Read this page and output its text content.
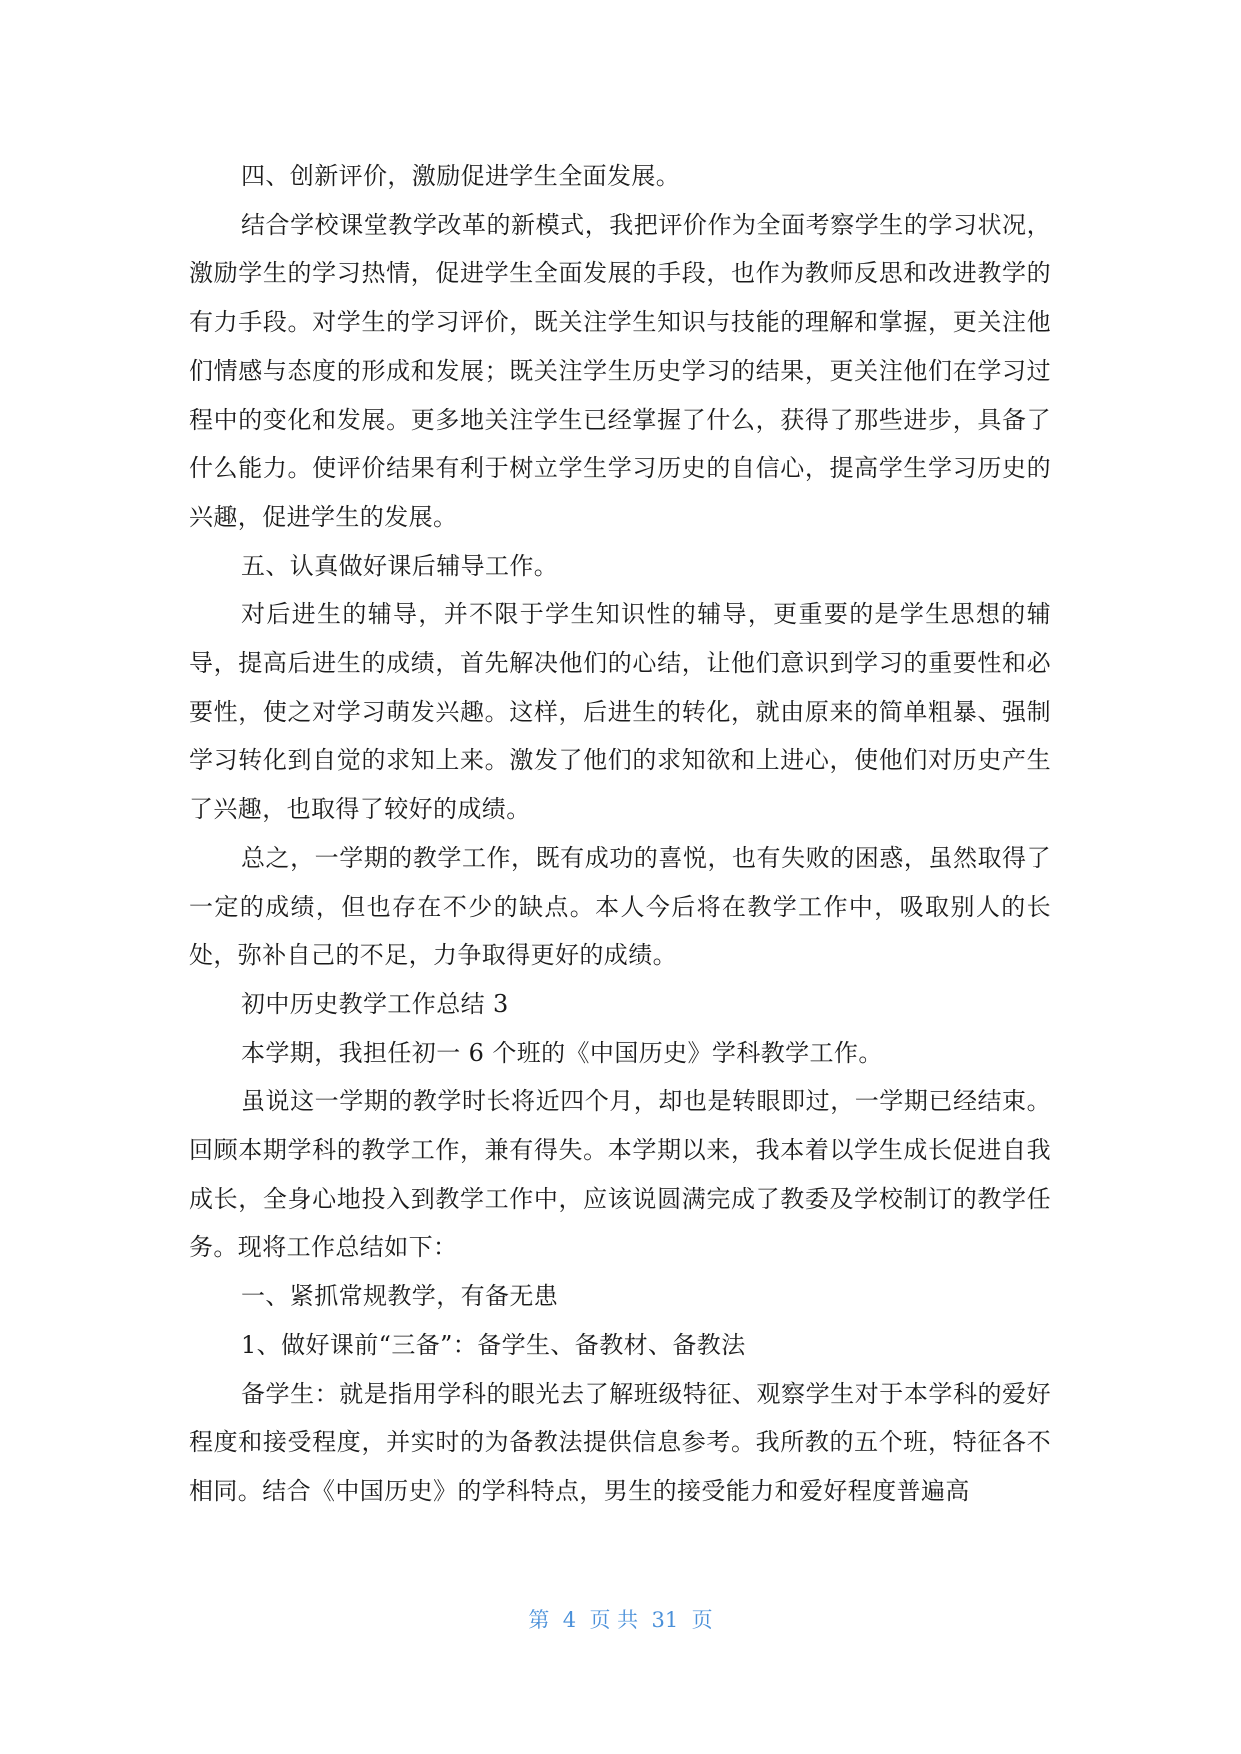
四、创新评价，激励促进学生全面发展。

结合学校课堂教学改革的新模式，我把评价作为全面考察学生的学习状况，激励学生的学习热情，促进学生全面发展的手段，也作为教师反思和改进教学的有力手段。对学生的学习评价，既关注学生知识与技能的理解和掌握，更关注他们情感与态度的形成和发展；既关注学生历史学习的结果，更关注他们在学习过程中的变化和发展。更多地关注学生已经掌握了什么，获得了那些进步，具备了什么能力。使评价结果有利于树立学生学习历史的自信心，提高学生学习历史的兴趣，促进学生的发展。

五、认真做好课后辅导工作。

对后进生的辅导，并不限于学生知识性的辅导，更重要的是学生思想的辅导，提高后进生的成绩，首先解决他们的心结，让他们意识到学习的重要性和必要性，使之对学习萌发兴趣。这样，后进生的转化，就由原来的简单粗暴、强制学习转化到自觉的求知上来。激发了他们的求知欲和上进心，使他们对历史产生了兴趣，也取得了较好的成绩。

总之，一学期的教学工作，既有成功的喜悦，也有失败的困惑，虽然取得了一定的成绩，但也存在不少的缺点。本人今后将在教学工作中，吸取别人的长处，弥补自己的不足，力争取得更好的成绩。

初中历史教学工作总结 3

本学期，我担任初一 6 个班的《中国历史》学科教学工作。

虽说这一学期的教学时长将近四个月，却也是转眼即过，一学期已经结束。回顾本期学科的教学工作，兼有得失。本学期以来，我本着以学生成长促进自我成长，全身心地投入到教学工作中，应该说圆满完成了教委及学校制订的教学任务。现将工作总结如下：

一、紧抓常规教学，有备无患

1、做好课前“三备”：备学生、备教材、备教法

备学生：就是指用学科的眼光去了解班级特征、观察学生对于本学科的爱好程度和接受程度，并实时的为备教法提供信息参考。我所教的五个班，特征各不相同。结合《中国历史》的学科特点，男生的接受能力和爱好程度普遍高

第  4  页 共  31  页
